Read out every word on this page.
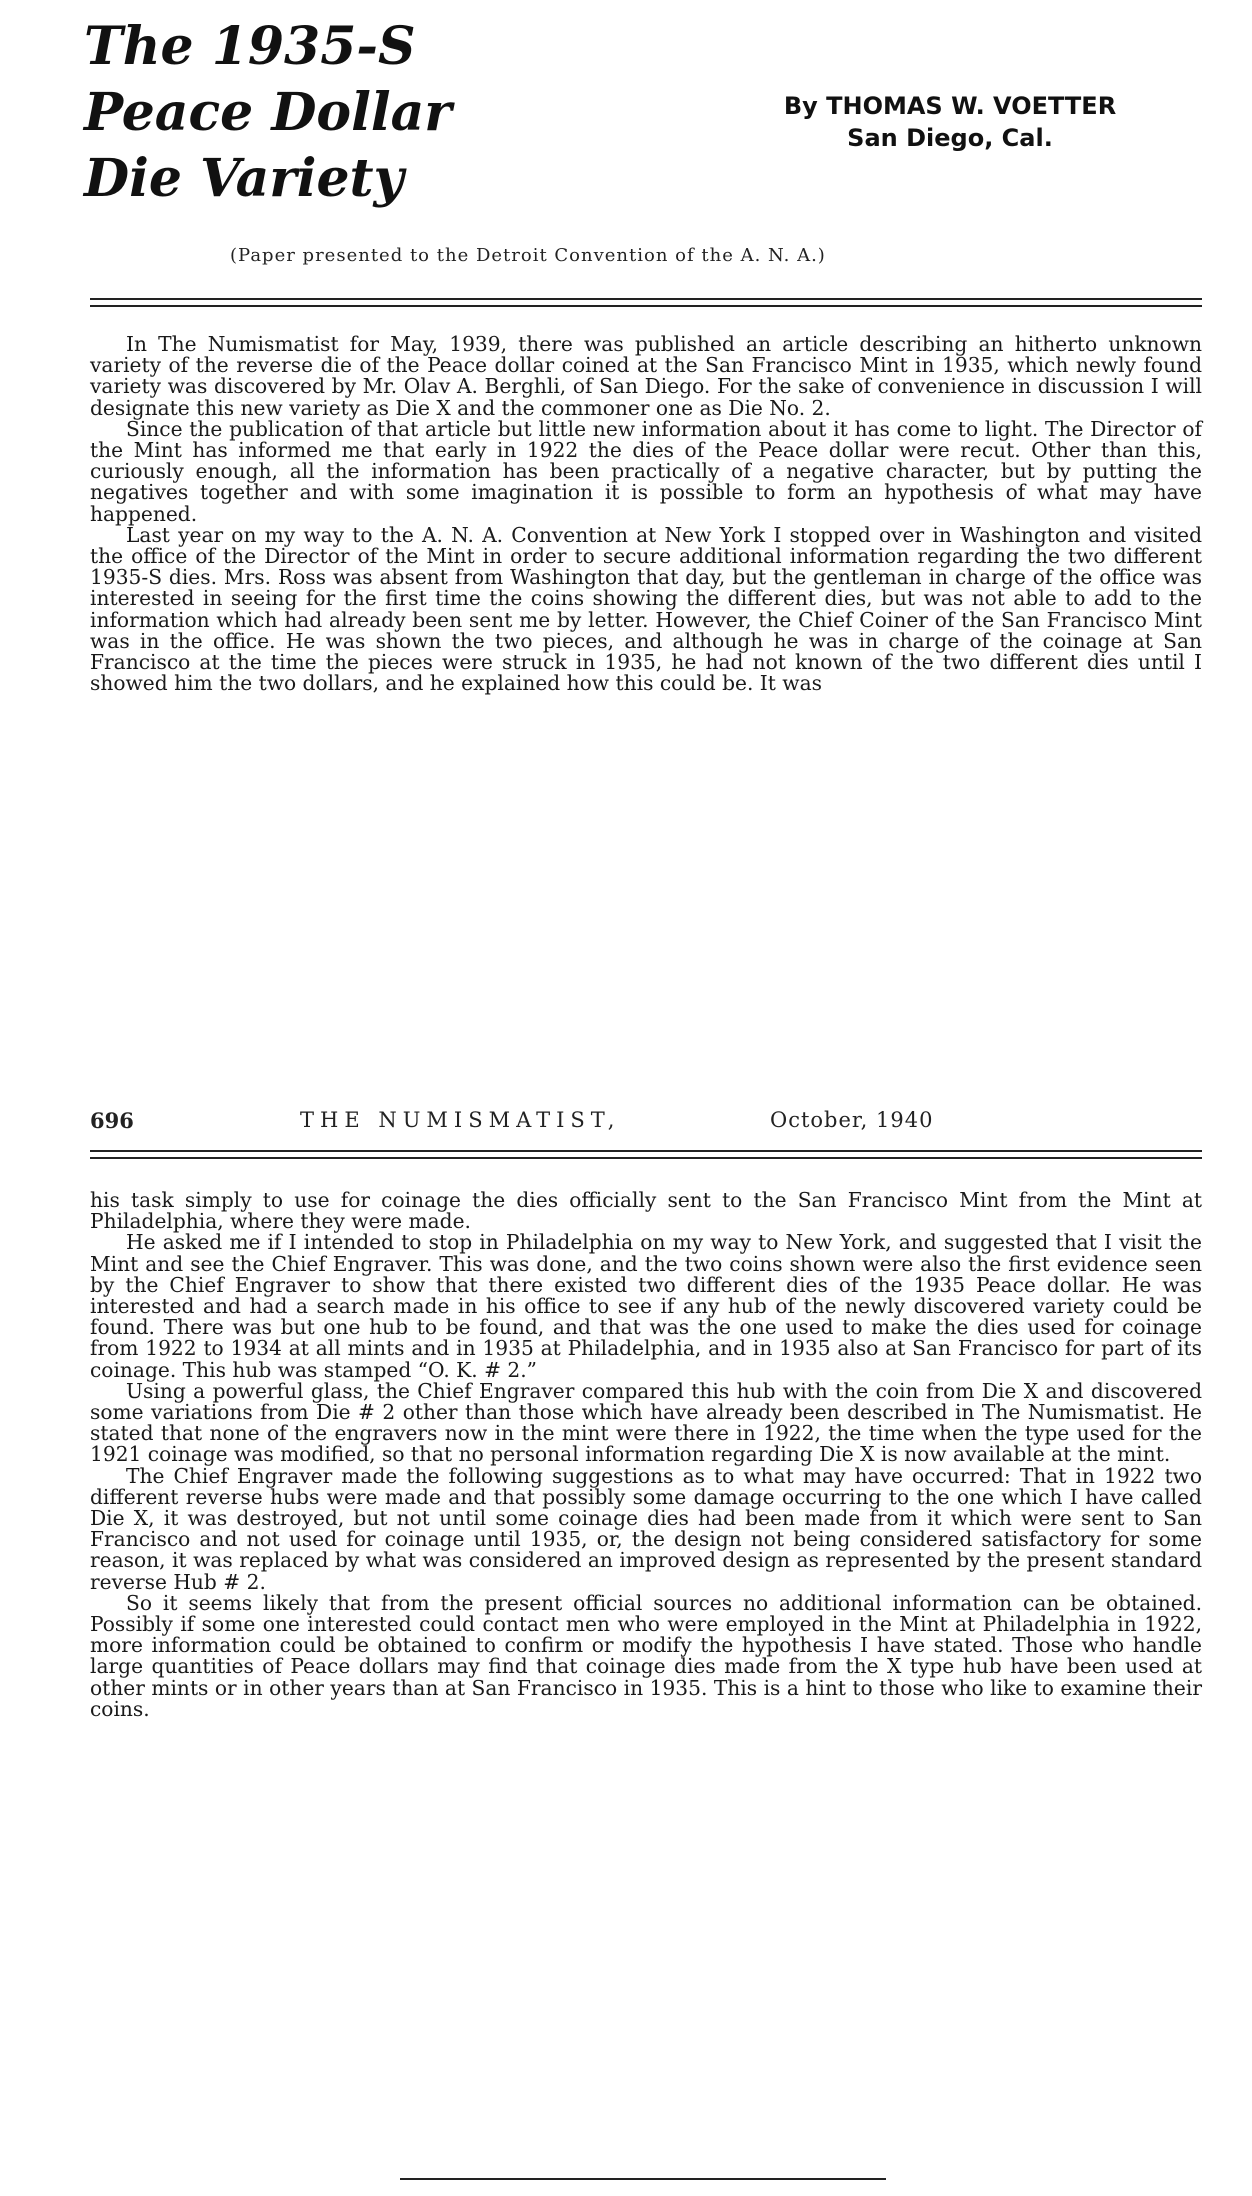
The 1935-S
Peace Dollar
Die Variety
By THOMAS W. VOETTER
San Diego, Cal.
(Paper presented to the Detroit Convention of the A. N. A.)

In The Numismatist for May, 1939, there was published an article describing an hitherto unknown variety of the reverse die of the Peace dollar coined at the San Francisco Mint in 1935, which newly found variety was discovered by Mr. Olav A. Berghli, of San Diego. For the sake of convenience in discussion I will designate this new variety as Die X and the commoner one as Die No. 2.

Since the publication of that article but little new information about it has come to light. The Director of the Mint has informed me that early in 1922 the dies of the Peace dollar were recut. Other than this, curiously enough, all the information has been practically of a negative character, but by putting the negatives together and with some imagination it is possible to form an hypothesis of what may have happened.

Last year on my way to the A. N. A. Convention at New York I stopped over in Washington and visited the office of the Director of the Mint in order to secure additional information regarding the two different 1935-S dies. Mrs. Ross was absent from Washington that day, but the gentleman in charge of the office was interested in seeing for the first time the coins showing the different dies, but was not able to add to the information which had already been sent me by letter. However, the Chief Coiner of the San Francisco Mint was in the office. He was shown the two pieces, and although he was in charge of the coinage at San Francisco at the time the pieces were struck in 1935, he had not known of the two different dies until I showed him the two dollars, and he explained how this could be. It was

696	THE NUMISMATIST,	October, 1940

his task simply to use for coinage the dies officially sent to the San Francisco Mint from the Mint at Philadelphia, where they were made.

He asked me if I intended to stop in Philadelphia on my way to New York, and suggested that I visit the Mint and see the Chief Engraver. This was done, and the two coins shown were also the first evidence seen by the Chief Engraver to show that there existed two different dies of the 1935 Peace dollar. He was interested and had a search made in his office to see if any hub of the newly discovered variety could be found. There was but one hub to be found, and that was the one used to make the dies used for coinage from 1922 to 1934 at all mints and in 1935 at Philadelphia, and in 1935 also at San Francisco for part of its coinage. This hub was stamped “O. K. # 2.”

Using a powerful glass, the Chief Engraver compared this hub with the coin from Die X and discovered some variations from Die # 2 other than those which have already been described in The Numismatist. He stated that none of the engravers now in the mint were there in 1922, the time when the type used for the 1921 coinage was modified, so that no personal information regarding Die X is now available at the mint.

The Chief Engraver made the following suggestions as to what may have occurred: That in 1922 two different reverse hubs were made and that possibly some damage occurring to the one which I have called Die X, it was destroyed, but not until some coinage dies had been made from it which were sent to San Francisco and not used for coinage until 1935, or, the design not being considered satisfactory for some reason, it was replaced by what was considered an improved design as represented by the present standard reverse Hub # 2.

So it seems likely that from the present official sources no additional information can be obtained. Possibly if some one interested could contact men who were employed in the Mint at Philadelphia in 1922, more information could be obtained to confirm or modify the hypothesis I have stated. Those who handle large quantities of Peace dollars may find that coinage dies made from the X type hub have been used at other mints or in other years than at San Francisco in 1935. This is a hint to those who like to examine their coins.
